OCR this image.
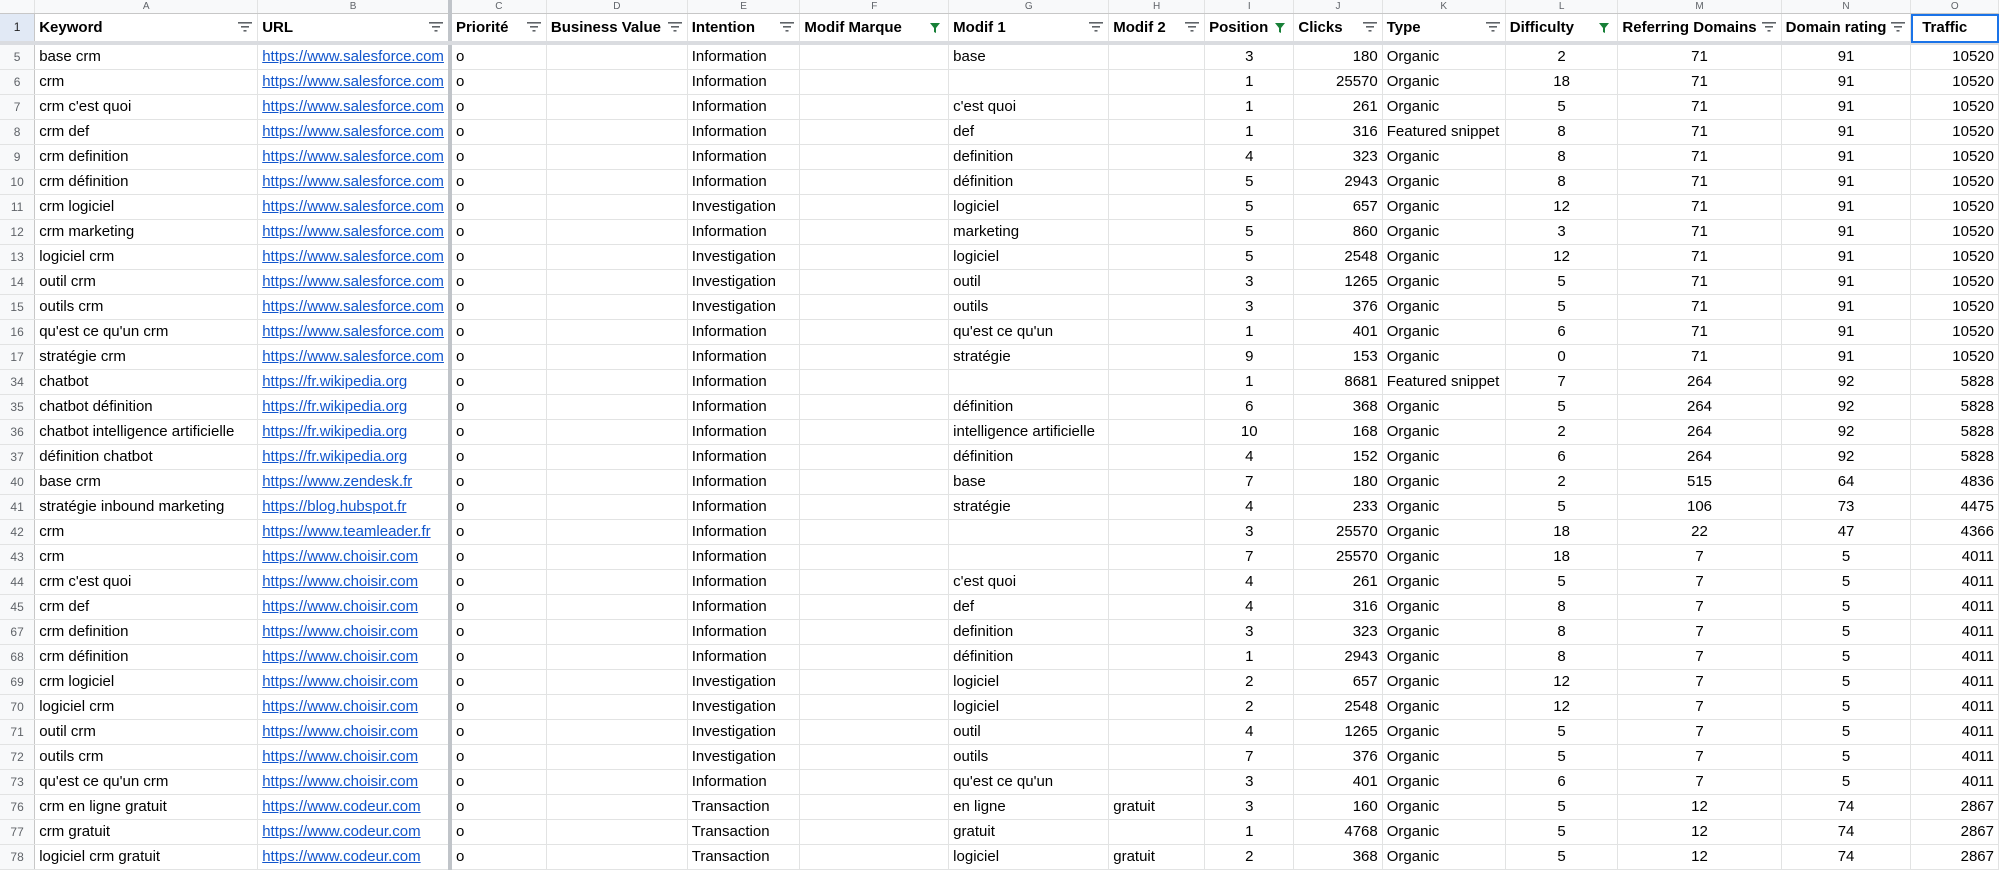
	A	B	C	D	E	F	G	H	I	J	K	L	M	N	O
1	Keyword	URL	Priorité	Business Value	Intention	Modif Marque	Modif 1	Modif 2	Position	Clicks	Type	Difficulty	Referring Domains	Domain rating	Traffic
5	base crm	https://www.salesforce.com	o		Information		base		3	180	Organic	2	71	91	10520
6	crm	https://www.salesforce.com	o		Information				1	25570	Organic	18	71	91	10520
7	crm c'est quoi	https://www.salesforce.com	o		Information		c'est quoi		1	261	Organic	5	71	91	10520
8	crm def	https://www.salesforce.com	o		Information		def		1	316	Featured snippet	8	71	91	10520
9	crm definition	https://www.salesforce.com	o		Information		definition		4	323	Organic	8	71	91	10520
10	crm définition	https://www.salesforce.com	o		Information		définition		5	2943	Organic	8	71	91	10520
11	crm logiciel	https://www.salesforce.com	o		Investigation		logiciel		5	657	Organic	12	71	91	10520
12	crm marketing	https://www.salesforce.com	o		Information		marketing		5	860	Organic	3	71	91	10520
13	logiciel crm	https://www.salesforce.com	o		Investigation		logiciel		5	2548	Organic	12	71	91	10520
14	outil crm	https://www.salesforce.com	o		Investigation		outil		3	1265	Organic	5	71	91	10520
15	outils crm	https://www.salesforce.com	o		Investigation		outils		3	376	Organic	5	71	91	10520
16	qu'est ce qu'un crm	https://www.salesforce.com	o		Information		qu'est ce qu'un		1	401	Organic	6	71	91	10520
17	stratégie crm	https://www.salesforce.com	o		Information		stratégie		9	153	Organic	0	71	91	10520
34	chatbot	https://fr.wikipedia.org	o		Information				1	8681	Featured snippet	7	264	92	5828
35	chatbot définition	https://fr.wikipedia.org	o		Information		définition		6	368	Organic	5	264	92	5828
36	chatbot intelligence artificielle	https://fr.wikipedia.org	o		Information		intelligence artificielle		10	168	Organic	2	264	92	5828
37	définition chatbot	https://fr.wikipedia.org	o		Information		définition		4	152	Organic	6	264	92	5828
40	base crm	https://www.zendesk.fr	o		Information		base		7	180	Organic	2	515	64	4836
41	stratégie inbound marketing	https://blog.hubspot.fr	o		Information		stratégie		4	233	Organic	5	106	73	4475
42	crm	https://www.teamleader.fr	o		Information				3	25570	Organic	18	22	47	4366
43	crm	https://www.choisir.com	o		Information				7	25570	Organic	18	7	5	4011
44	crm c'est quoi	https://www.choisir.com	o		Information		c'est quoi		4	261	Organic	5	7	5	4011
45	crm def	https://www.choisir.com	o		Information		def		4	316	Organic	8	7	5	4011
67	crm definition	https://www.choisir.com	o		Information		definition		3	323	Organic	8	7	5	4011
68	crm définition	https://www.choisir.com	o		Information		définition		1	2943	Organic	8	7	5	4011
69	crm logiciel	https://www.choisir.com	o		Investigation		logiciel		2	657	Organic	12	7	5	4011
70	logiciel crm	https://www.choisir.com	o		Investigation		logiciel		2	2548	Organic	12	7	5	4011
71	outil crm	https://www.choisir.com	o		Investigation		outil		4	1265	Organic	5	7	5	4011
72	outils crm	https://www.choisir.com	o		Investigation		outils		7	376	Organic	5	7	5	4011
73	qu'est ce qu'un crm	https://www.choisir.com	o		Information		qu'est ce qu'un		3	401	Organic	6	7	5	4011
76	crm en ligne gratuit	https://www.codeur.com	o		Transaction		en ligne	gratuit	3	160	Organic	5	12	74	2867
77	crm gratuit	https://www.codeur.com	o		Transaction		gratuit		1	4768	Organic	5	12	74	2867
78	logiciel crm gratuit	https://www.codeur.com	o		Transaction		logiciel	gratuit	2	368	Organic	5	12	74	2867
